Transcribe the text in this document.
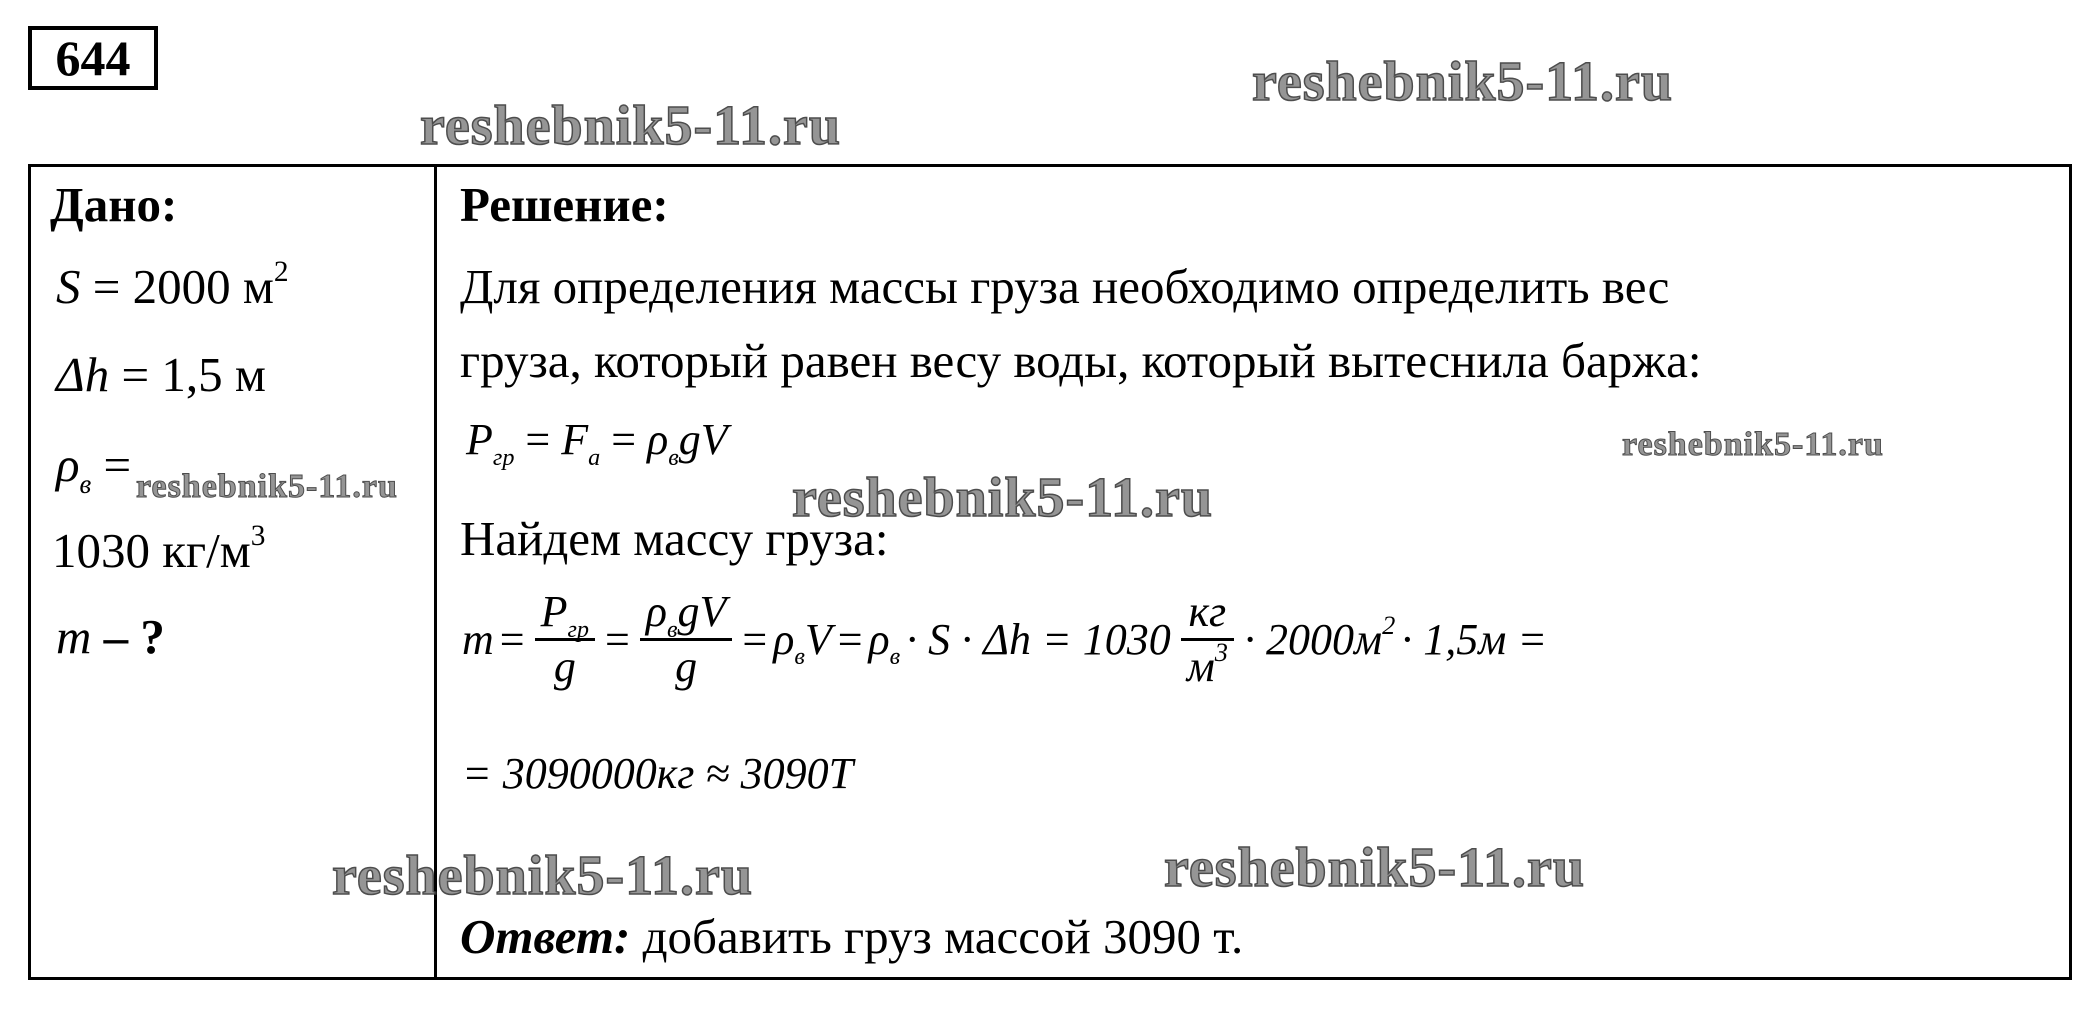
644
Дано:
S = 2000 $м^2$
Δh = 1,5 м
$\rho_в$ =
1030 $кг/м^3$
m – ?
Решение:
Для определения массы груза необходимо определить вес
груза, который равен весу воды, который вытеснила баржа:
$P_{гр} = F_a = \rho_вgV$
Найдем массу груза:
$m = \frac{P_{гр}}{g} = \frac{\rho_вgV}{g} = \rho_вV = \rho_в \cdot S \cdot \Delta h = 1030 \frac{кг}{м^3} \cdot 2000м^2 \cdot 1,5м$ =
= 3090000кг ≈ 3090Т
Ответ: добавить груз массой 3090 т.
reshebnik5-11.ru
reshebnik5-11.ru
reshebnik5-11.ru	reshebnik5-11.ru
reshebnik5-11.ru
reshebnik5-11.ru	reshebnik5-11.ru
